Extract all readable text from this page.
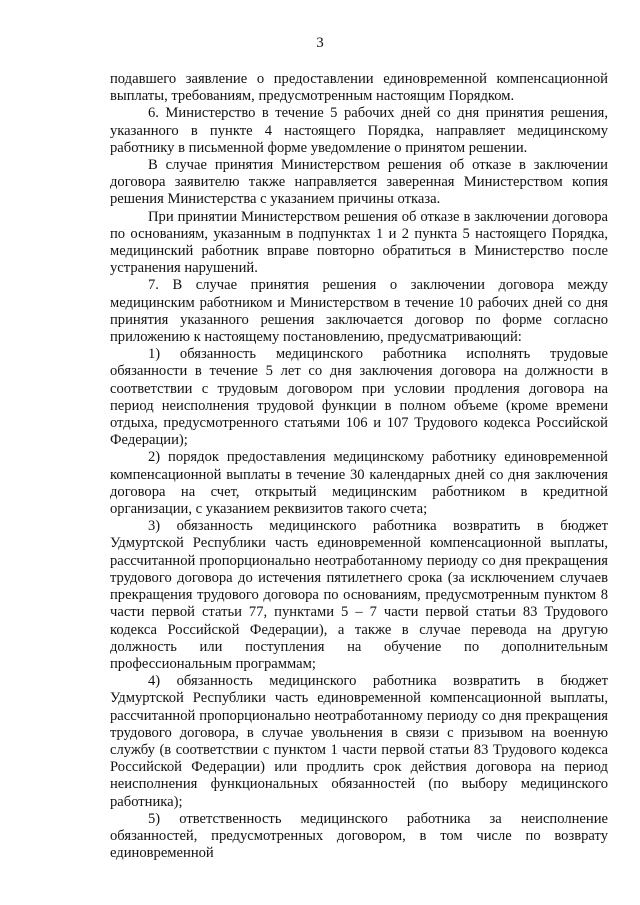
3

подавшего заявление о предоставлении единовременной компенсационной выплаты, требованиям, предусмотренным настоящим Порядком.

6. Министерство в течение 5 рабочих дней со дня принятия решения, указанного в пункте 4 настоящего Порядка, направляет медицинскому работнику в письменной форме уведомление о принятом решении.

В случае принятия Министерством решения об отказе в заключении договора заявителю также направляется заверенная Министерством копия решения Министерства с указанием причины отказа.

При принятии Министерством решения об отказе в заключении договора по основаниям, указанным в подпунктах 1 и 2 пункта 5 настоящего Порядка, медицинский работник вправе повторно обратиться в Министерство после устранения нарушений.

7. В случае принятия решения о заключении договора между медицинским работником и Министерством в течение 10 рабочих дней со дня принятия указанного решения заключается договор по форме согласно приложению к настоящему постановлению, предусматривающий:

1) обязанность медицинского работника исполнять трудовые обязанности в течение 5 лет со дня заключения договора на должности в соответствии с трудовым договором при условии продления договора на период неисполнения трудовой функции в полном объеме (кроме времени отдыха, предусмотренного статьями 106 и 107 Трудового кодекса Российской Федерации);

2) порядок предоставления медицинскому работнику единовременной компенсационной выплаты в течение 30 календарных дней со дня заключения договора на счет, открытый медицинским работником в кредитной организации, с указанием реквизитов такого счета;

3) обязанность медицинского работника возвратить в бюджет Удмуртской Республики часть единовременной компенсационной выплаты, рассчитанной пропорционально неотработанному периоду со дня прекращения трудового договора до истечения пятилетнего срока (за исключением случаев прекращения трудового договора по основаниям, предусмотренным пунктом 8 части первой статьи 77, пунктами 5 – 7 части первой статьи 83 Трудового кодекса Российской Федерации), а также в случае перевода на другую должность или поступления на обучение по дополнительным профессиональным программам;

4) обязанность медицинского работника возвратить в бюджет Удмуртской Республики часть единовременной компенсационной выплаты, рассчитанной пропорционально неотработанному периоду со дня прекращения трудового договора, в случае увольнения в связи с призывом на военную службу (в соответствии с пунктом 1 части первой статьи 83 Трудового кодекса Российской Федерации) или продлить срок действия договора на период неисполнения функциональных обязанностей (по выбору медицинского работника);

5) ответственность медицинского работника за неисполнение обязанностей, предусмотренных договором, в том числе по возврату единовременной
